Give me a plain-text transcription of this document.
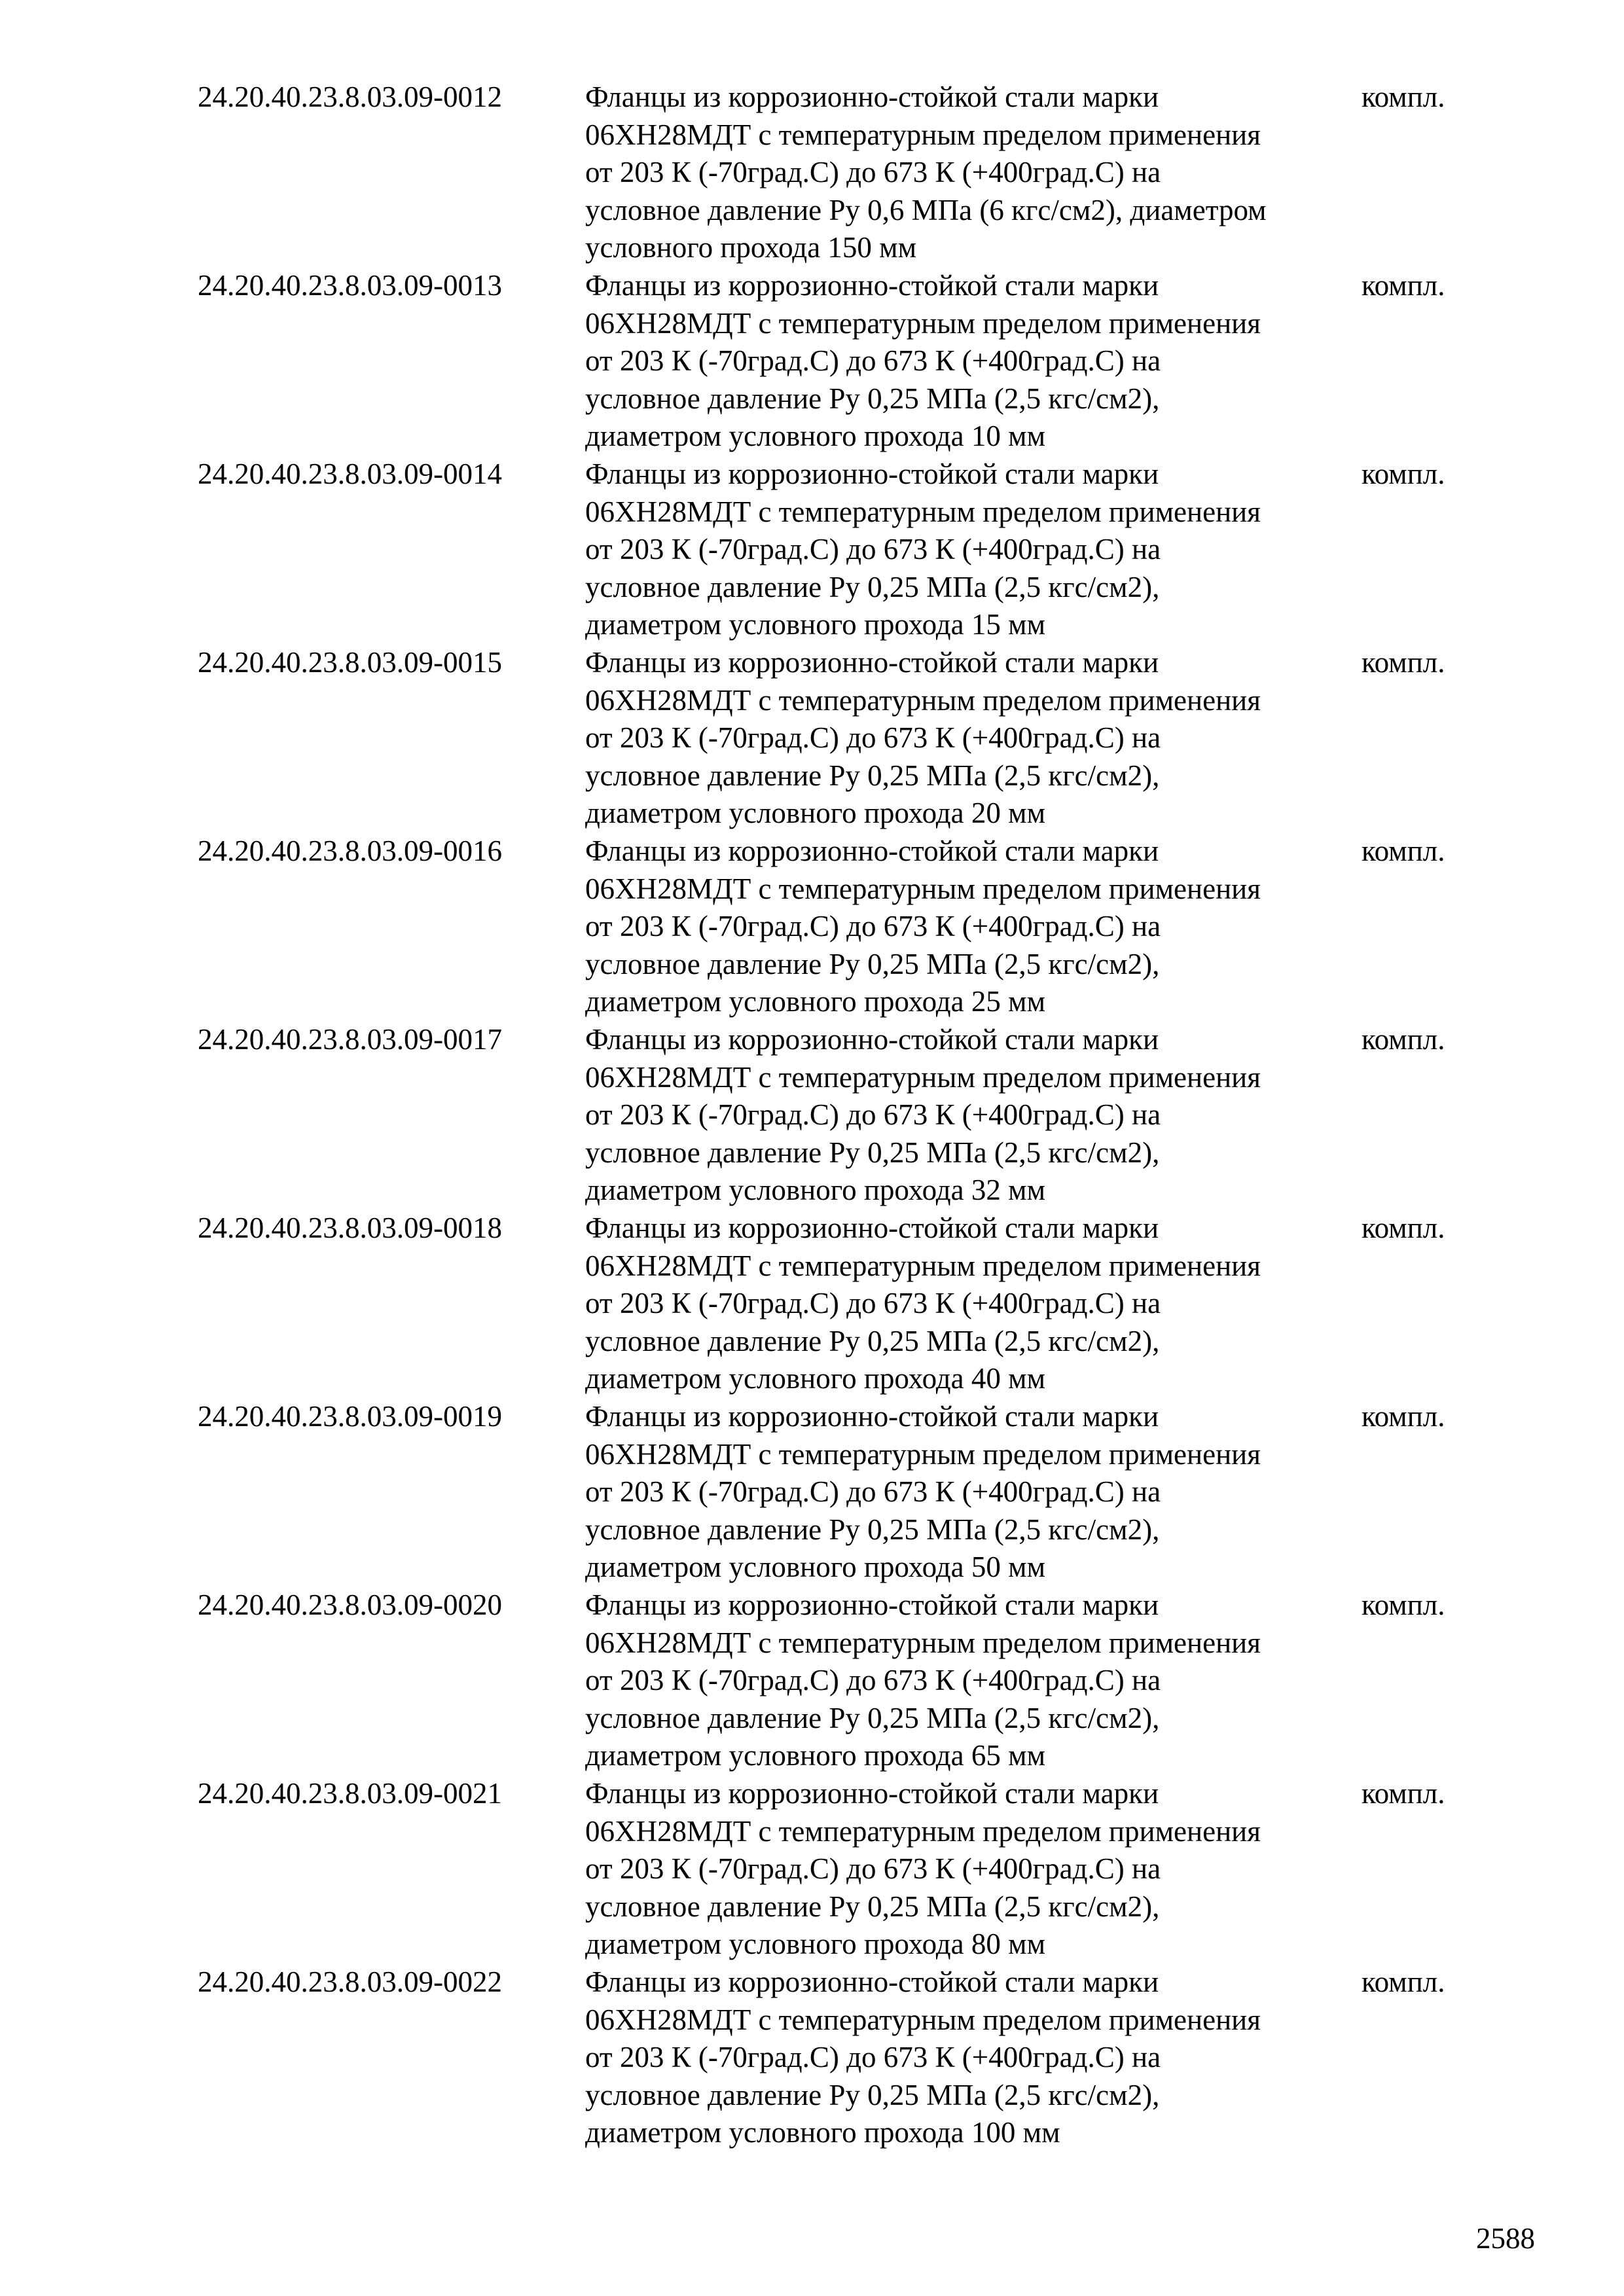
24.20.40.23.8.03.09-0012	Фланцы из коррозионно-стойкой стали марки
06ХН28МДТ с температурным пределом применения
от 203 К (-70град.С) до 673 К (+400град.С) на
условное давление Ру 0,6 МПа (6 кгс/см2), диаметром
условного прохода 150 мм
компл.
24.20.40.23.8.03.09-0013	Фланцы из коррозионно-стойкой стали марки
06ХН28МДТ с температурным пределом применения
от 203 К (-70град.С) до 673 К (+400град.С) на
условное давление Ру 0,25 МПа (2,5 кгс/см2),
диаметром условного прохода 10 мм
компл.
24.20.40.23.8.03.09-0014	Фланцы из коррозионно-стойкой стали марки
06ХН28МДТ с температурным пределом применения
от 203 К (-70град.С) до 673 К (+400град.С) на
условное давление Ру 0,25 МПа (2,5 кгс/см2),
диаметром условного прохода 15 мм
компл.
24.20.40.23.8.03.09-0015	Фланцы из коррозионно-стойкой стали марки
06ХН28МДТ с температурным пределом применения
от 203 К (-70град.С) до 673 К (+400град.С) на
условное давление Ру 0,25 МПа (2,5 кгс/см2),
диаметром условного прохода 20 мм
компл.
24.20.40.23.8.03.09-0016	Фланцы из коррозионно-стойкой стали марки
06ХН28МДТ с температурным пределом применения
от 203 К (-70град.С) до 673 К (+400град.С) на
условное давление Ру 0,25 МПа (2,5 кгс/см2),
диаметром условного прохода 25 мм
компл.
24.20.40.23.8.03.09-0017	Фланцы из коррозионно-стойкой стали марки
06ХН28МДТ с температурным пределом применения
от 203 К (-70град.С) до 673 К (+400град.С) на
условное давление Ру 0,25 МПа (2,5 кгс/см2),
диаметром условного прохода 32 мм
компл.
24.20.40.23.8.03.09-0018	Фланцы из коррозионно-стойкой стали марки
06ХН28МДТ с температурным пределом применения
от 203 К (-70град.С) до 673 К (+400град.С) на
условное давление Ру 0,25 МПа (2,5 кгс/см2),
диаметром условного прохода 40 мм
компл.
24.20.40.23.8.03.09-0019	Фланцы из коррозионно-стойкой стали марки
06ХН28МДТ с температурным пределом применения
от 203 К (-70град.С) до 673 К (+400град.С) на
условное давление Ру 0,25 МПа (2,5 кгс/см2),
диаметром условного прохода 50 мм
компл.
24.20.40.23.8.03.09-0020	Фланцы из коррозионно-стойкой стали марки
06ХН28МДТ с температурным пределом применения
от 203 К (-70град.С) до 673 К (+400град.С) на
условное давление Ру 0,25 МПа (2,5 кгс/см2),
диаметром условного прохода 65 мм
компл.
24.20.40.23.8.03.09-0021	Фланцы из коррозионно-стойкой стали марки
06ХН28МДТ с температурным пределом применения
от 203 К (-70град.С) до 673 К (+400град.С) на
условное давление Ру 0,25 МПа (2,5 кгс/см2),
диаметром условного прохода 80 мм
компл.
24.20.40.23.8.03.09-0022	Фланцы из коррозионно-стойкой стали марки
06ХН28МДТ с температурным пределом применения
от 203 К (-70град.С) до 673 К (+400град.С) на
условное давление Ру 0,25 МПа (2,5 кгс/см2),
диаметром условного прохода 100 мм
компл.
2588
